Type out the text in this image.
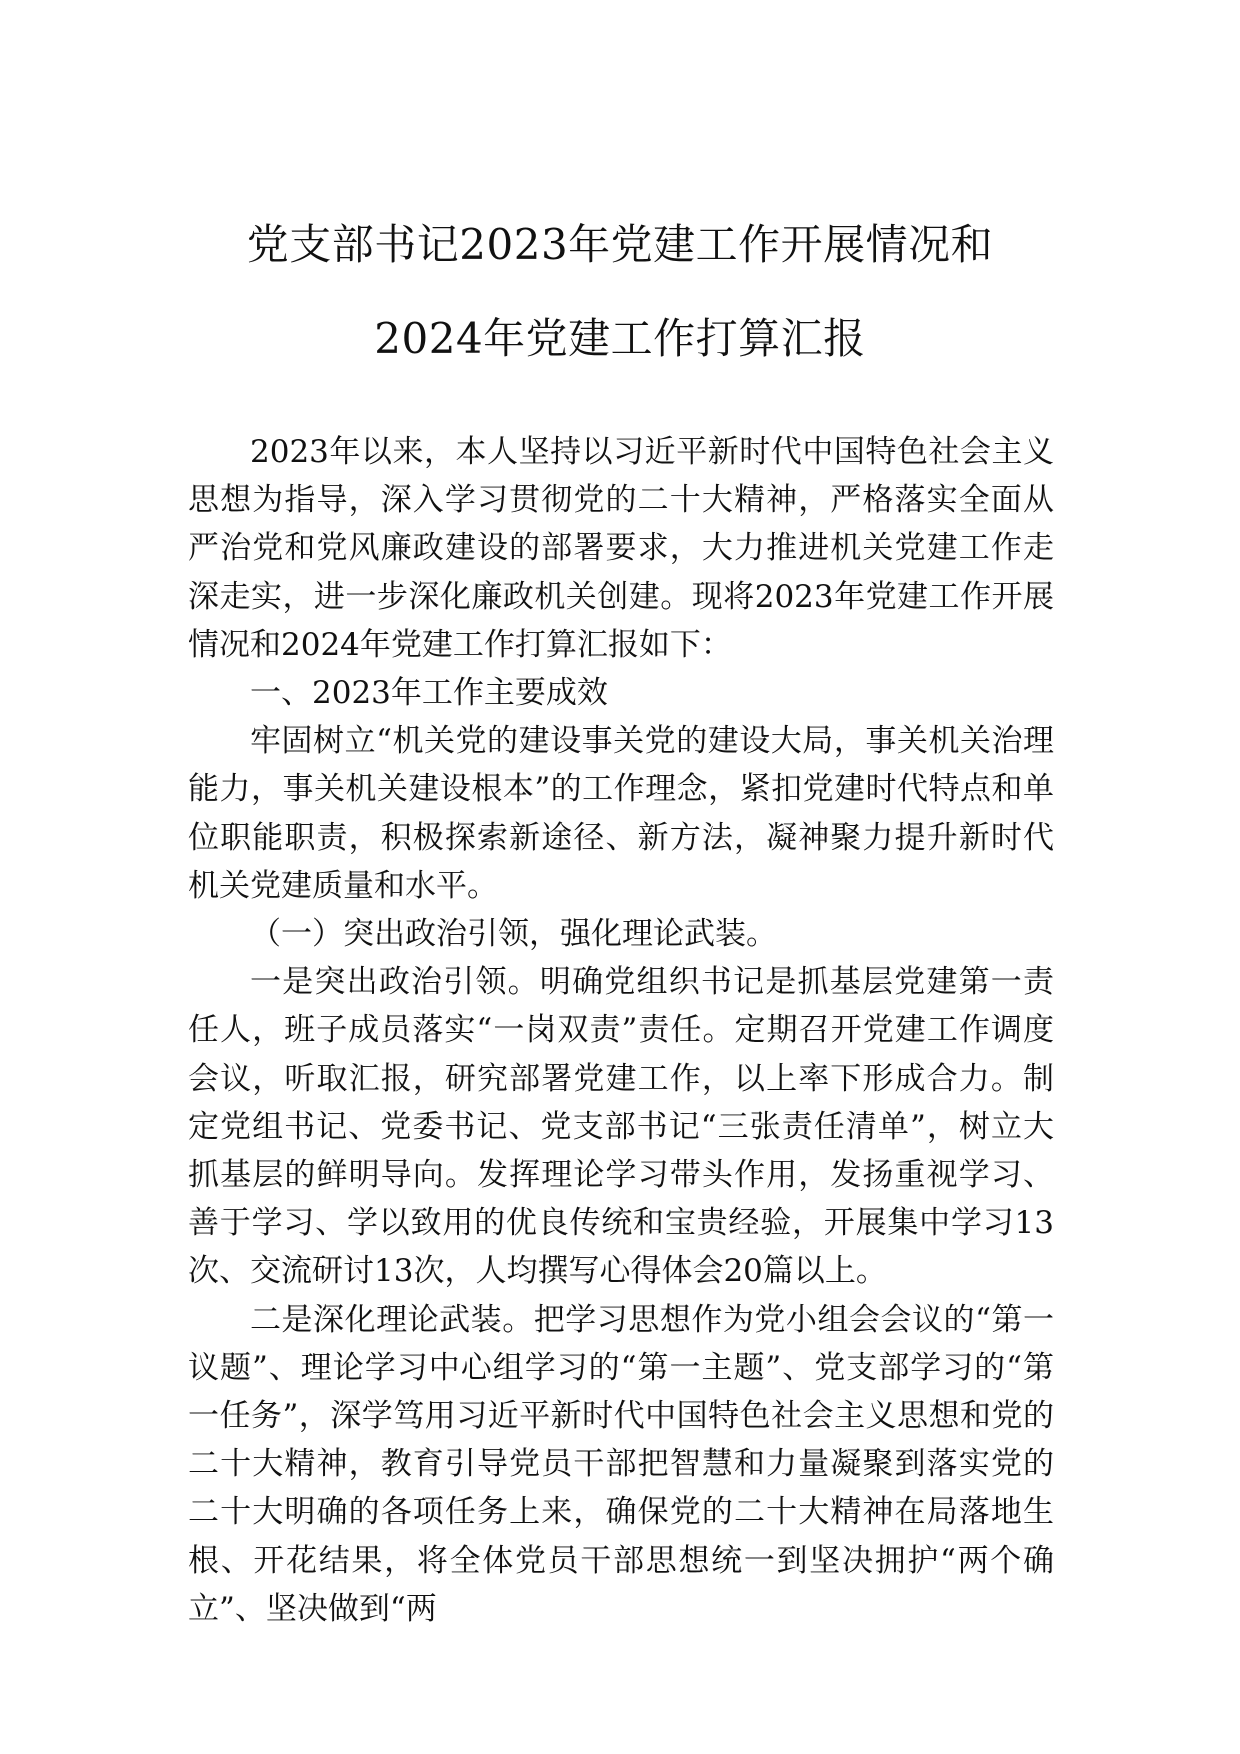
党支部书记2023年党建工作开展情况和
2024年党建工作打算汇报

2023年以来，本人坚持以习近平新时代中国特色社会主义思想为指导，深入学习贯彻党的二十大精神，严格落实全面从严治党和党风廉政建设的部署要求，大力推进机关党建工作走深走实，进一步深化廉政机关创建。现将2023年党建工作开展情况和2024年党建工作打算汇报如下：

一、2023年工作主要成效

牢固树立“机关党的建设事关党的建设大局，事关机关治理能力，事关机关建设根本”的工作理念，紧扣党建时代特点和单位职能职责，积极探索新途径、新方法，凝神聚力提升新时代机关党建质量和水平。

（一）突出政治引领，强化理论武装。

一是突出政治引领。明确党组织书记是抓基层党建第一责任人，班子成员落实“一岗双责”责任。定期召开党建工作调度会议，听取汇报，研究部署党建工作，以上率下形成合力。制定党组书记、党委书记、党支部书记“三张责任清单”，树立大抓基层的鲜明导向。发挥理论学习带头作用，发扬重视学习、善于学习、学以致用的优良传统和宝贵经验，开展集中学习13次、交流研讨13次，人均撰写心得体会20篇以上。

二是深化理论武装。把学习思想作为党小组会会议的“第一议题”、理论学习中心组学习的“第一主题”、党支部学习的“第一任务”，深学笃用习近平新时代中国特色社会主义思想和党的二十大精神，教育引导党员干部把智慧和力量凝聚到落实党的二十大明确的各项任务上来，确保党的二十大精神在局落地生根、开花结果，将全体党员干部思想统一到坚决拥护“两个确立”、坚决做到“两
